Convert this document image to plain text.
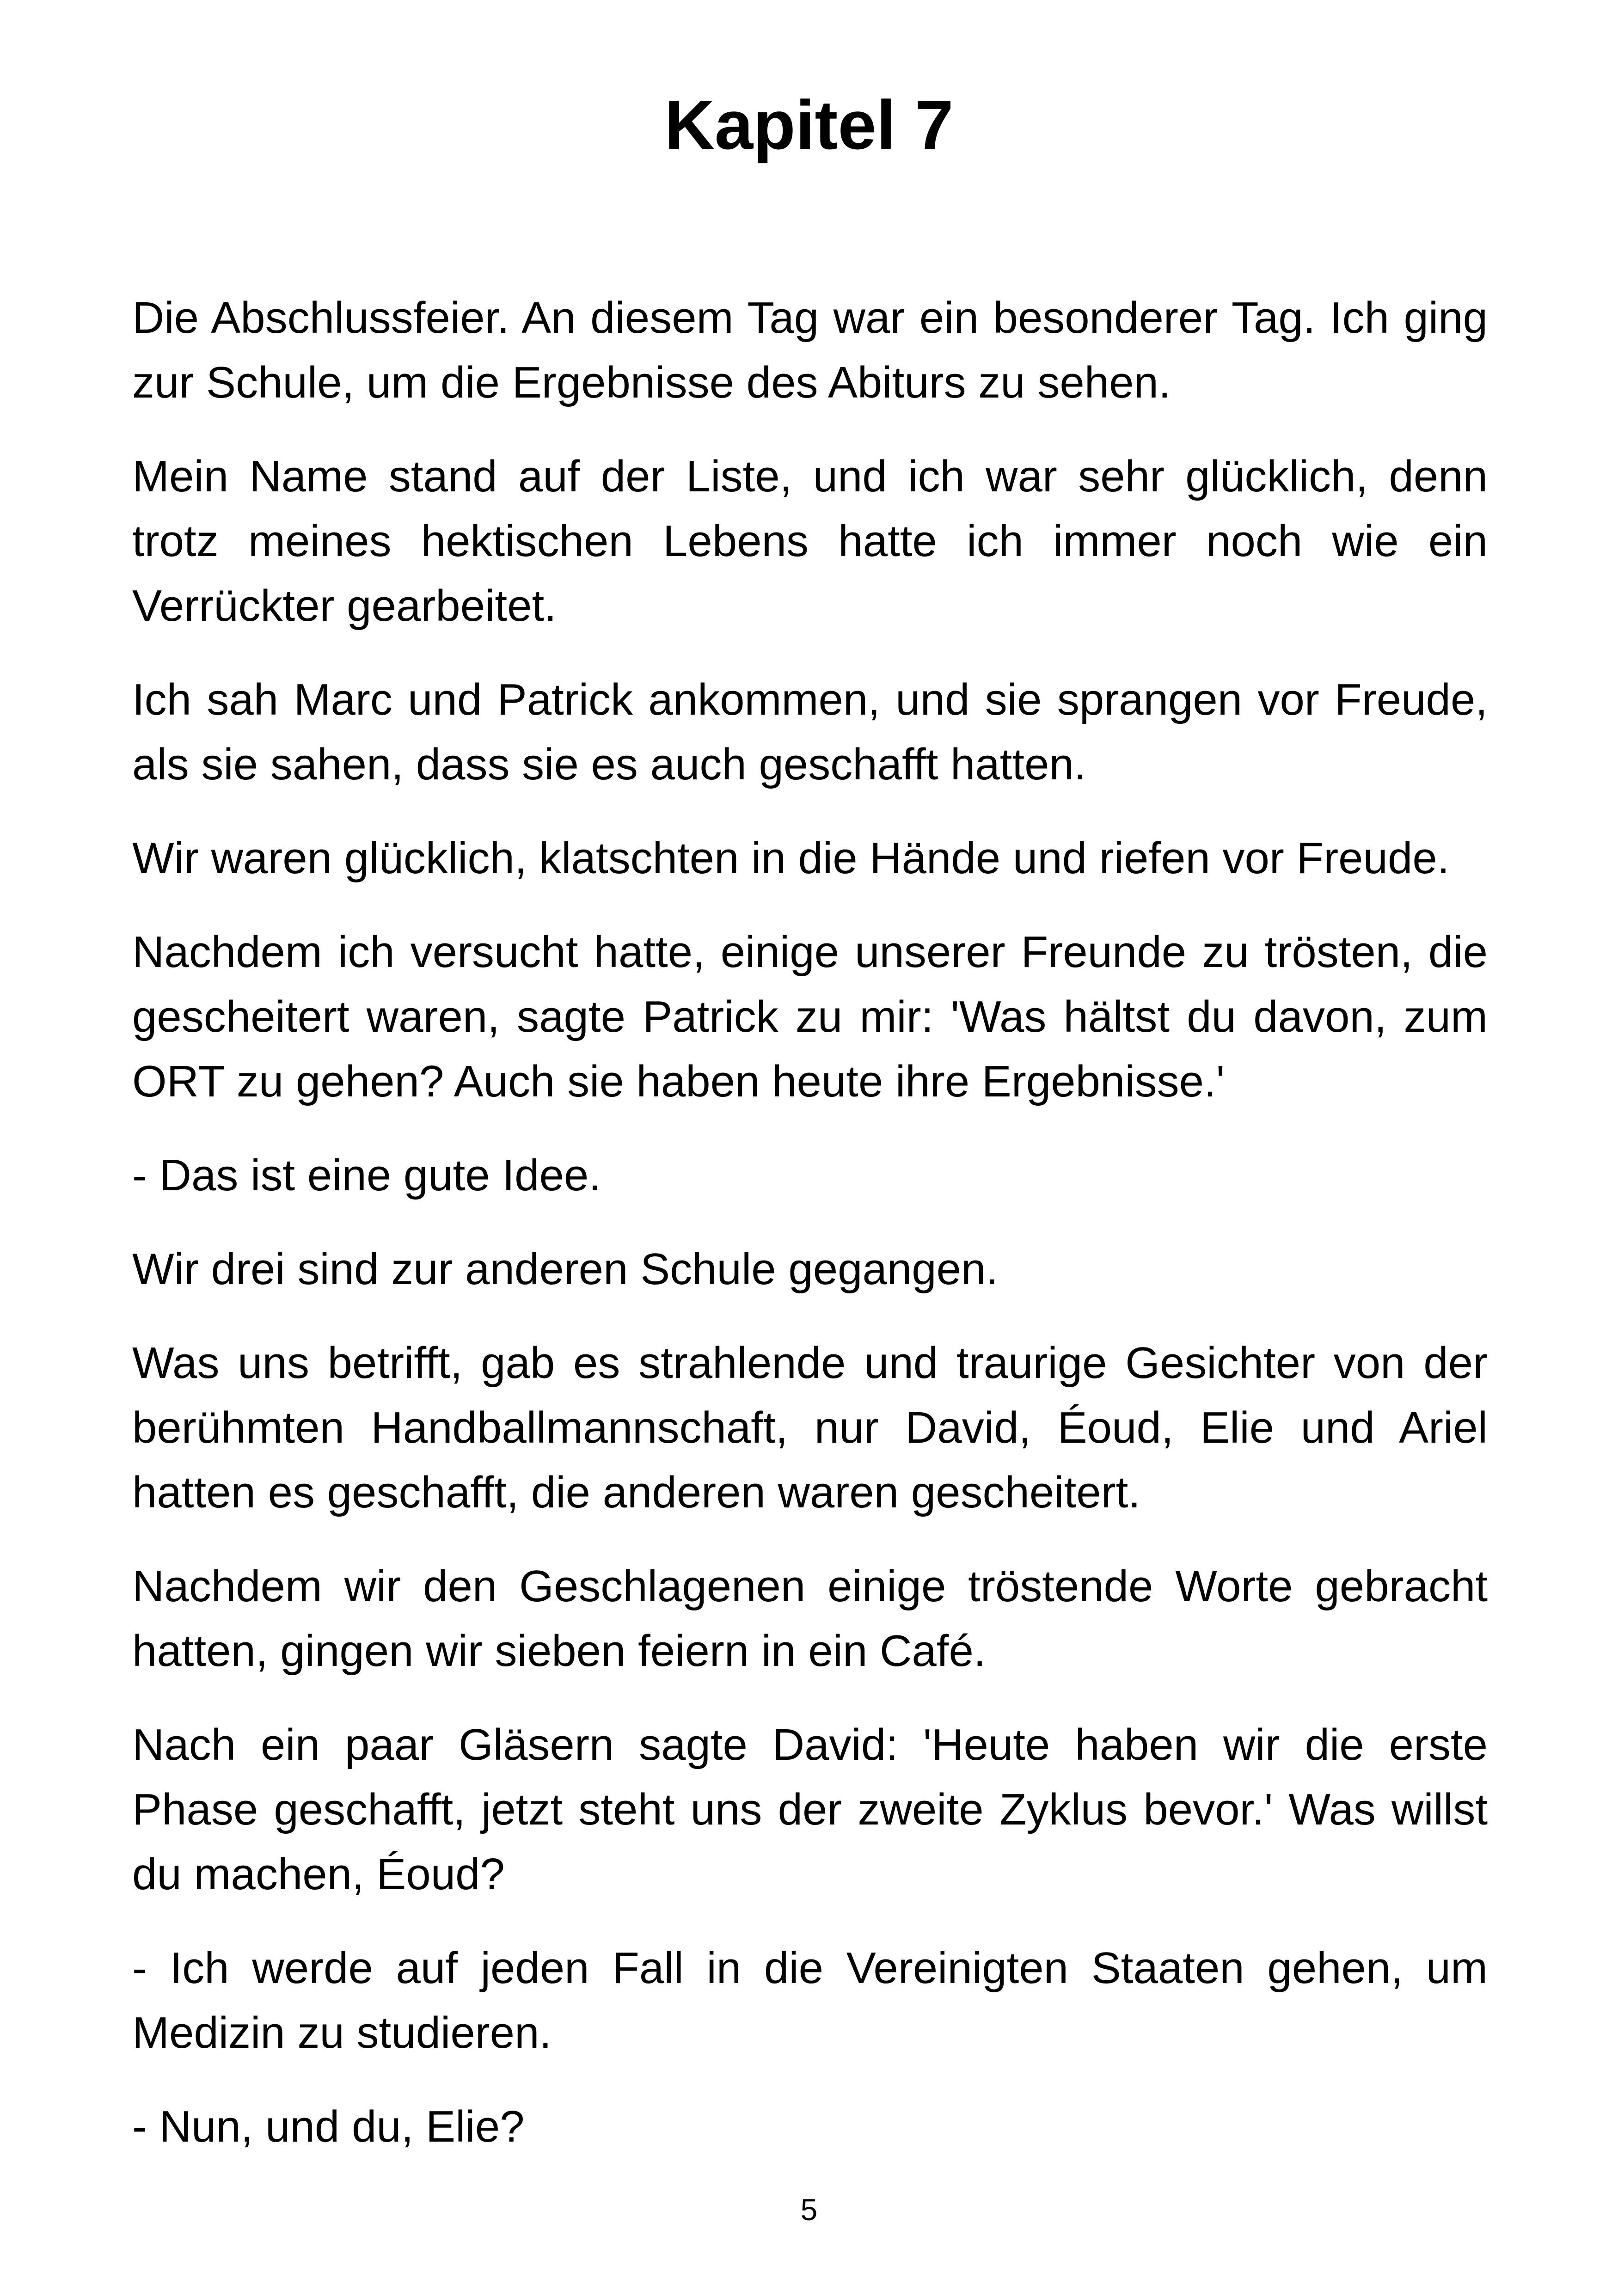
Kapitel 7

Die Abschlussfeier. An diesem Tag war ein besonderer Tag. Ich ging zur Schule, um die Ergebnisse des Abiturs zu sehen.

Mein Name stand auf der Liste, und ich war sehr glücklich, denn trotz meines hektischen Lebens hatte ich immer noch wie ein Verrückter gearbeitet.

Ich sah Marc und Patrick ankommen, und sie sprangen vor Freude, als sie sahen, dass sie es auch geschafft hatten.

Wir waren glücklich, klatschten in die Hände und riefen vor Freude.

Nachdem ich versucht hatte, einige unserer Freunde zu trösten, die gescheitert waren, sagte Patrick zu mir: 'Was hältst du davon, zum ORT zu gehen? Auch sie haben heute ihre Ergebnisse.'

- Das ist eine gute Idee.

Wir drei sind zur anderen Schule gegangen.

Was uns betrifft, gab es strahlende und traurige Gesichter von der berühmten Handballmannschaft, nur David, Éoud, Elie und Ariel hatten es geschafft, die anderen waren gescheitert.

Nachdem wir den Geschlagenen einige tröstende Worte gebracht hatten, gingen wir sieben feiern in ein Café.

Nach ein paar Gläsern sagte David: 'Heute haben wir die erste Phase geschafft, jetzt steht uns der zweite Zyklus bevor.' Was willst du machen, Éoud?

- Ich werde auf jeden Fall in die Vereinigten Staaten gehen, um Medizin zu studieren.

- Nun, und du, Elie?

5
